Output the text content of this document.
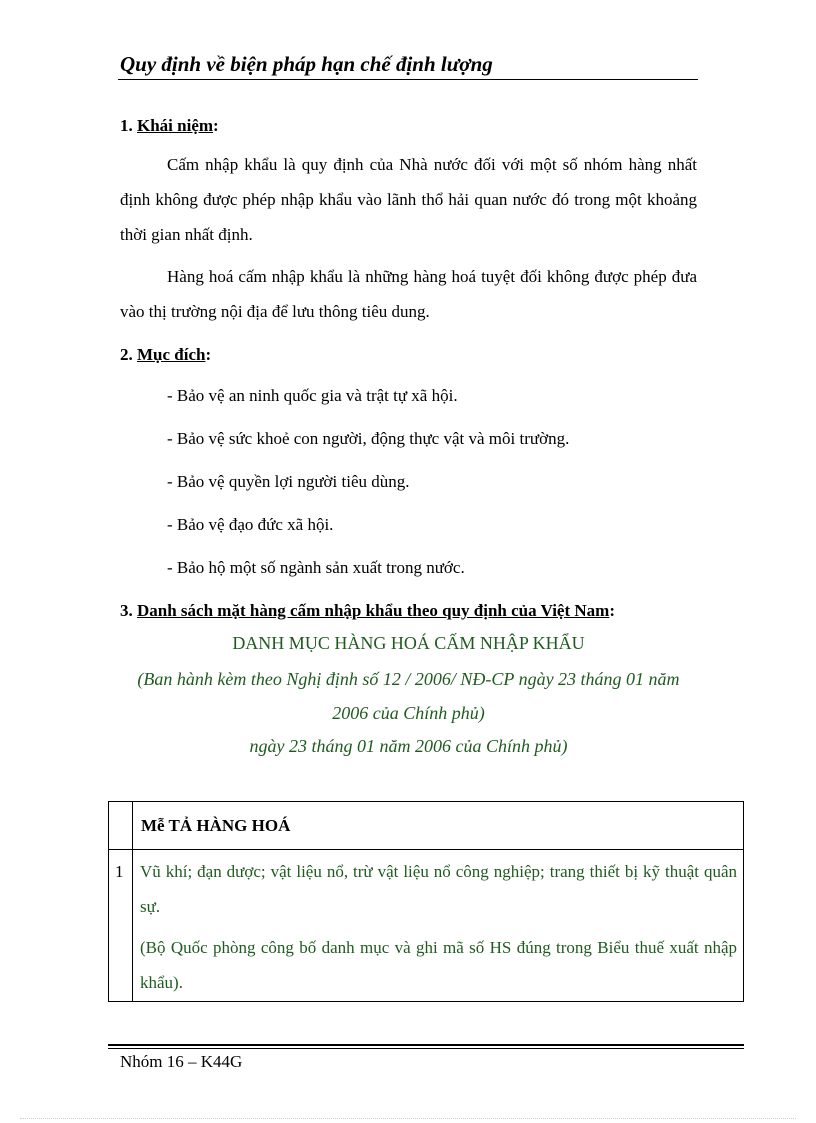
Quy định về biện pháp hạn chế định lượng
1. Khái niệm:

Cấm nhập khẩu là quy định của Nhà nước đối với một số nhóm hàng nhất định không được phép nhập khẩu vào lãnh thổ hải quan nước đó trong một khoảng thời gian nhất định.

Hàng hoá cấm nhập khẩu là những hàng hoá tuyệt đối không được phép đưa vào thị trường nội địa để lưu thông tiêu dung.

2. Mục đích:
- Bảo vệ an ninh quốc gia và trật tự xã hội.
- Bảo vệ sức khoẻ con người, động thực vật và môi trường.
- Bảo vệ quyền lợi người tiêu dùng.
- Bảo vệ đạo đức xã hội.
- Bảo hộ một số ngành sản xuất trong nước.
3. Danh sách mặt hàng cấm nhập khẩu theo quy định của Việt Nam:
DANH MỤC HÀNG HOÁ CẤM NHẬP KHẨU
(Ban hành kèm theo Nghị định số 12 / 2006/ NĐ-CP ngày 23 tháng 01 năm
2006 của Chính phủ)
ngày 23 tháng 01 năm 2006 của Chính phủ)
Mễ TẢ HÀNG HOÁ
1 Vũ khí; đạn dược; vật liệu nổ, trừ vật liệu nổ công nghiệp; trang thiết bị kỹ thuật quân sự.

(Bộ Quốc phòng công bố danh mục và ghi mã số HS đúng trong Biểu thuế xuất nhập khẩu).

Nhóm 16 – K44G
